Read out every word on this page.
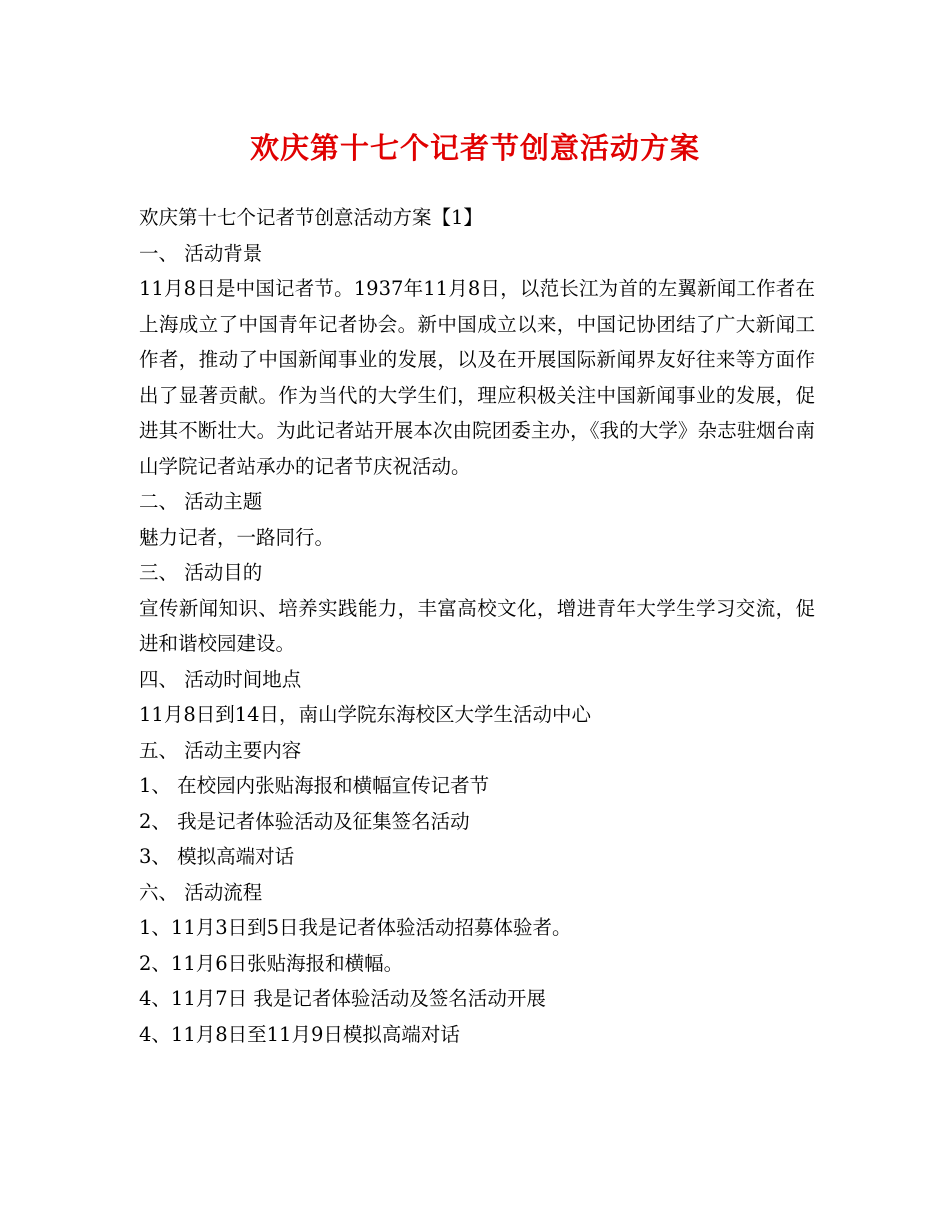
欢庆第十七个记者节创意活动方案

欢庆第十七个记者节创意活动方案【1】

一、 活动背景

11月8日是中国记者节。1937年11月8日，以范长江为首的左翼新闻工作者在上海成立了中国青年记者协会。新中国成立以来，中国记协团结了广大新闻工作者，推动了中国新闻事业的发展，以及在开展国际新闻界友好往来等方面作出了显著贡献。作为当代的大学生们，理应积极关注中国新闻事业的发展，促进其不断壮大。为此记者站开展本次由院团委主办，《我的大学》杂志驻烟台南山学院记者站承办的记者节庆祝活动。

二、 活动主题

魅力记者，一路同行。

三、 活动目的

宣传新闻知识、培养实践能力，丰富高校文化，增进青年大学生学习交流，促进和谐校园建设。

四、 活动时间地点

11月8日到14日，南山学院东海校区大学生活动中心

五、 活动主要内容

1、 在校园内张贴海报和横幅宣传记者节

2、 我是记者体验活动及征集签名活动

3、 模拟高端对话

六、 活动流程

1、11月3日到5日我是记者体验活动招募体验者。

2、11月6日张贴海报和横幅。

4、11月7日 我是记者体验活动及签名活动开展

4、11月8日至11月9日模拟高端对话
